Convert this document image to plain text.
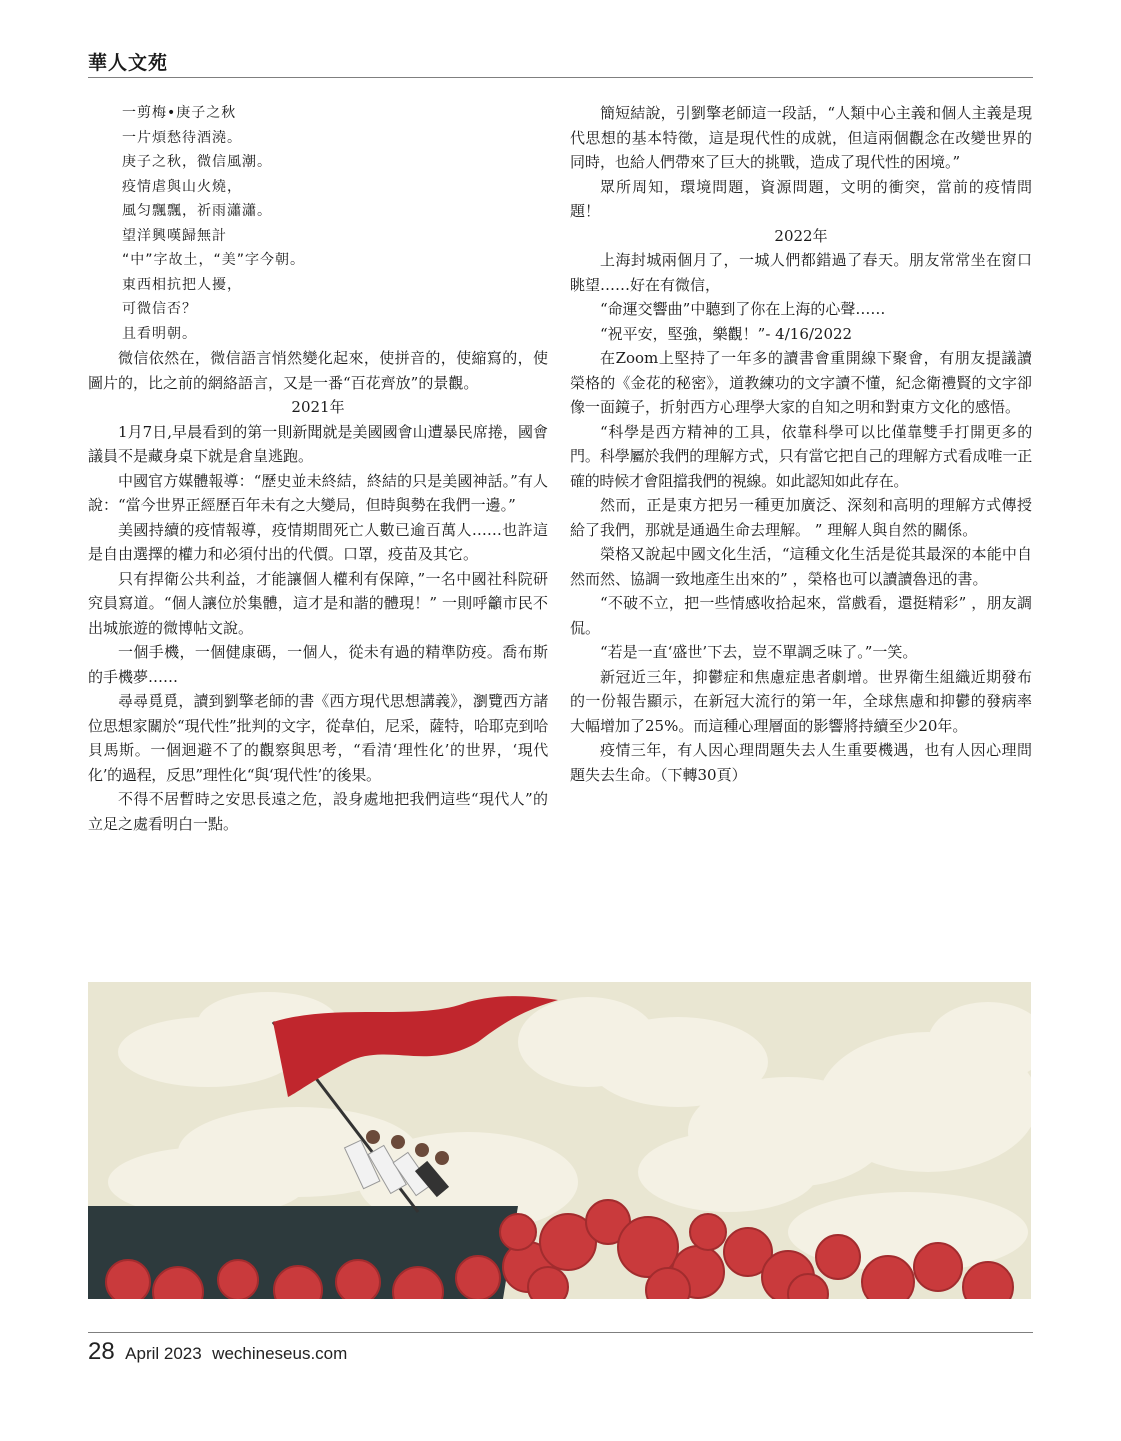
華人文苑
一剪梅•庚子之秋
一片煩愁待酒澆。
庚子之秋，微信風潮。
疫情虐與山火燒，
風匀飄飄，祈雨瀟瀟。
望洋興嘆歸無計
“中”字故土，“美”字今朝。
東西相抗把人擾，
可微信否？
且看明朝。

微信依然在，微信語言悄然變化起來，使拼音的，使縮寫的，使圖片的，比之前的網絡語言，又是一番“百花齊放”的景觀。

2021年

1月7日,早晨看到的第一則新聞就是美國國會山遭暴民席捲，國會議員不是藏身桌下就是倉皇逃跑。

中國官方媒體報導：“歷史並未終結，終結的只是美國神話。”有人說：“當今世界正經歷百年未有之大變局，但時與勢在我們一邊。”

美國持續的疫情報導，疫情期間死亡人數已逾百萬人……也許這是自由選擇的權力和必須付出的代價。口罩，疫苗及其它。

只有捍衛公共利益，才能讓個人權利有保障，”一名中國社科院研究員寫道。“個人讓位於集體，這才是和諧的體現！” 一則呼籲市民不出城旅遊的微博帖文說。

一個手機，一個健康碼，一個人，從未有過的精準防疫。喬布斯的手機夢……

尋尋覓覓，讀到劉擎老師的書《西方現代思想講義》，瀏覽西方諸位思想家關於“現代性”批判的文字，從韋伯，尼采，薩特，哈耶克到哈貝馬斯。一個迴避不了的觀察與思考，“看清‘理性化’的世界，‘現代化’的過程，反思”理性化“與‘現代性’的後果。

不得不居暫時之安思長遠之危，設身處地把我們這些“現代人”的立足之處看明白一點。

簡短結說，引劉擎老師這一段話，“人類中心主義和個人主義是現代思想的基本特徵，這是現代性的成就，但這兩個觀念在改變世界的同時，也給人們帶來了巨大的挑戰，造成了現代性的困境。”

眾所周知，環境問題，資源問題，文明的衝突，當前的疫情問題！

2022年

上海封城兩個月了，一城人們都錯過了春天。朋友常常坐在窗口眺望……好在有微信，

“命運交響曲”中聽到了你在上海的心聲……

“祝平安，堅強，樂觀！”- 4/16/2022

在Zoom上堅持了一年多的讀書會重開線下聚會，有朋友提議讀榮格的《金花的秘密》，道教練功的文字讀不懂，紀念衛禮賢的文字卻像一面鏡子，折射西方心理學大家的自知之明和對東方文化的感悟。

“科學是西方精神的工具，依靠科學可以比僅靠雙手打開更多的門。科學屬於我們的理解方式，只有當它把自己的理解方式看成唯一正確的時候才會阻擋我們的視線。如此認知如此存在。

然而，正是東方把另一種更加廣泛、深刻和高明的理解方式傳授給了我們，那就是通過生命去理解。 ” 理解人與自然的關係。

榮格又說起中國文化生活，“這種文化生活是從其最深的本能中自然而然、協調一致地產生出來的” ，榮格也可以讀讀魯迅的書。

“不破不立，把一些情感收拾起來，當戲看，還挺精彩” ，朋友調侃。

“若是一直‘盛世’下去，豈不單調乏味了。”一笑。

新冠近三年，抑鬱症和焦慮症患者劇增。世界衛生組織近期發布的一份報告顯示，在新冠大流行的第一年，全球焦慮和抑鬱的發病率大幅增加了25%。而這種心理層面的影響將持續至少20年。

疫情三年，有人因心理問題失去人生重要機遇，也有人因心理問題失去生命。（下轉30頁）

28 April 2023 wechineseus.com
